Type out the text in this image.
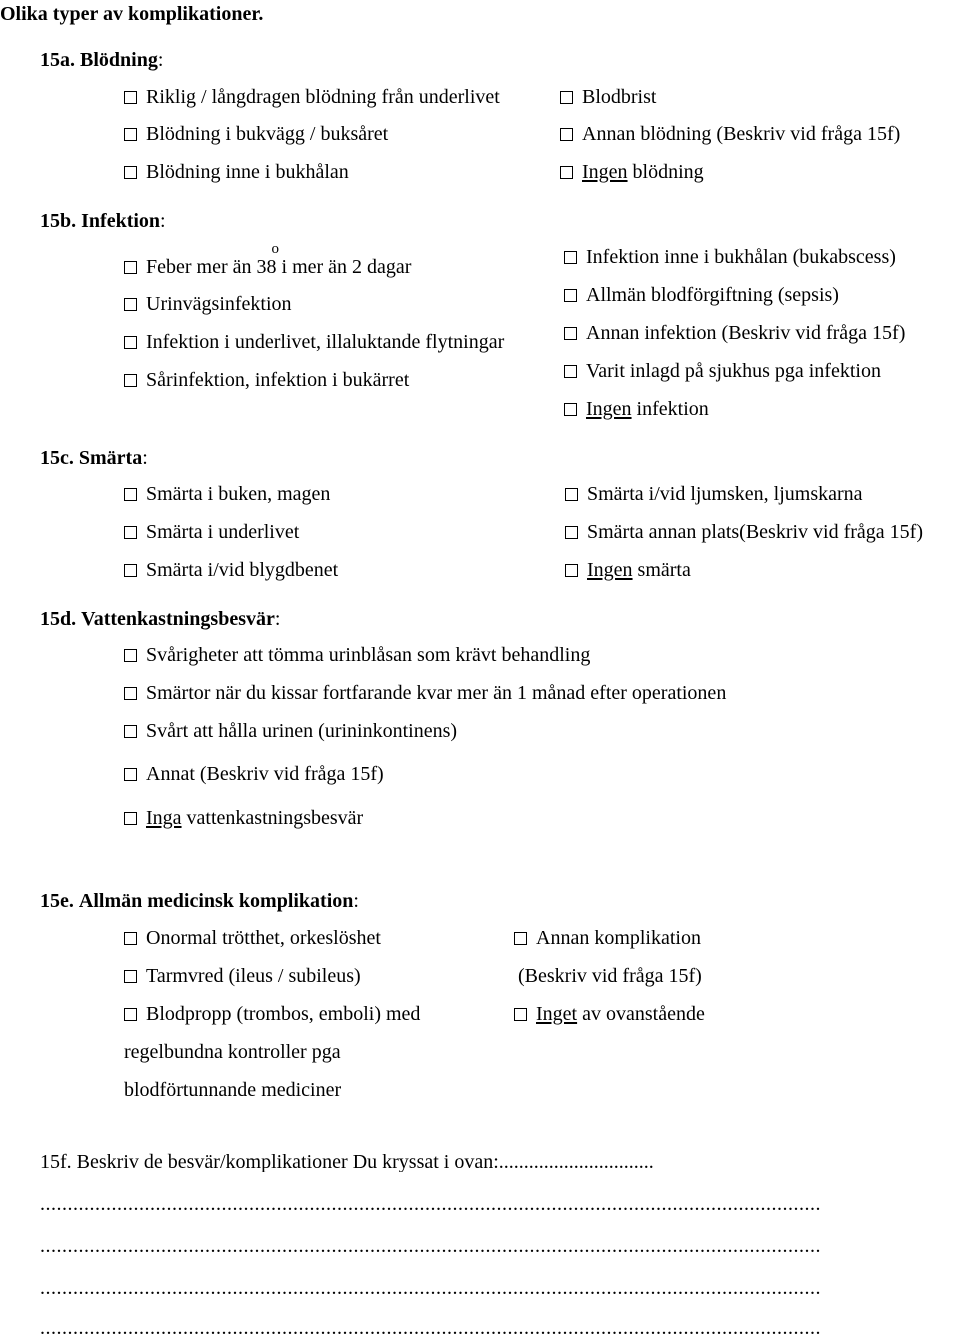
Olika typer av komplikationer.
15a. Blödning:
Riklig / långdragen blödning från underlivet
Blödning i bukvägg / buksåret
Blödning inne i bukhålan
Blodbrist
Annan blödning (Beskriv vid fråga 15f)
Ingen blödning
15b. Infektion:
Feber mer än 38
o
i mer än 2 dagar
Urinvägsinfektion
Infektion i underlivet, illaluktande flytningar
Sårinfektion, infektion i bukärret
Infektion inne i bukhålan (bukabscess)
Allmän blodförgiftning (sepsis)
Annan infektion (Beskriv vid fråga 15f)
Varit inlagd på sjukhus pga infektion
Ingen infektion
15c. Smärta:
Smärta i buken, magen
Smärta i underlivet
Smärta i/vid blygdbenet
Smärta i/vid ljumsken, ljumskarna
Smärta annan plats(Beskriv vid fråga 15f)
Ingen smärta
15d. Vattenkastningsbesvär:
Svårigheter att tömma urinblåsan som krävt behandling
Smärtor när du kissar fortfarande kvar mer än 1 månad efter operationen
Svårt att hålla urinen (urininkontinens)
Annat (Beskriv vid fråga 15f)
Inga vattenkastningsbesvär
15e. Allmän medicinsk komplikation:
Onormal trötthet, orkeslöshet
Tarmvred (ileus / subileus)
Blodpropp (trombos, emboli) med
regelbundna kontroller pga
blodförtunnande mediciner
Annan komplikation
(Beskriv vid fråga 15f)
Inget av ovanstående
15f. Beskriv de besvär/komplikationer Du kryssat i ovan:...............................
..............................................................................................................................................
..............................................................................................................................................
..............................................................................................................................................
..............................................................................................................................................
